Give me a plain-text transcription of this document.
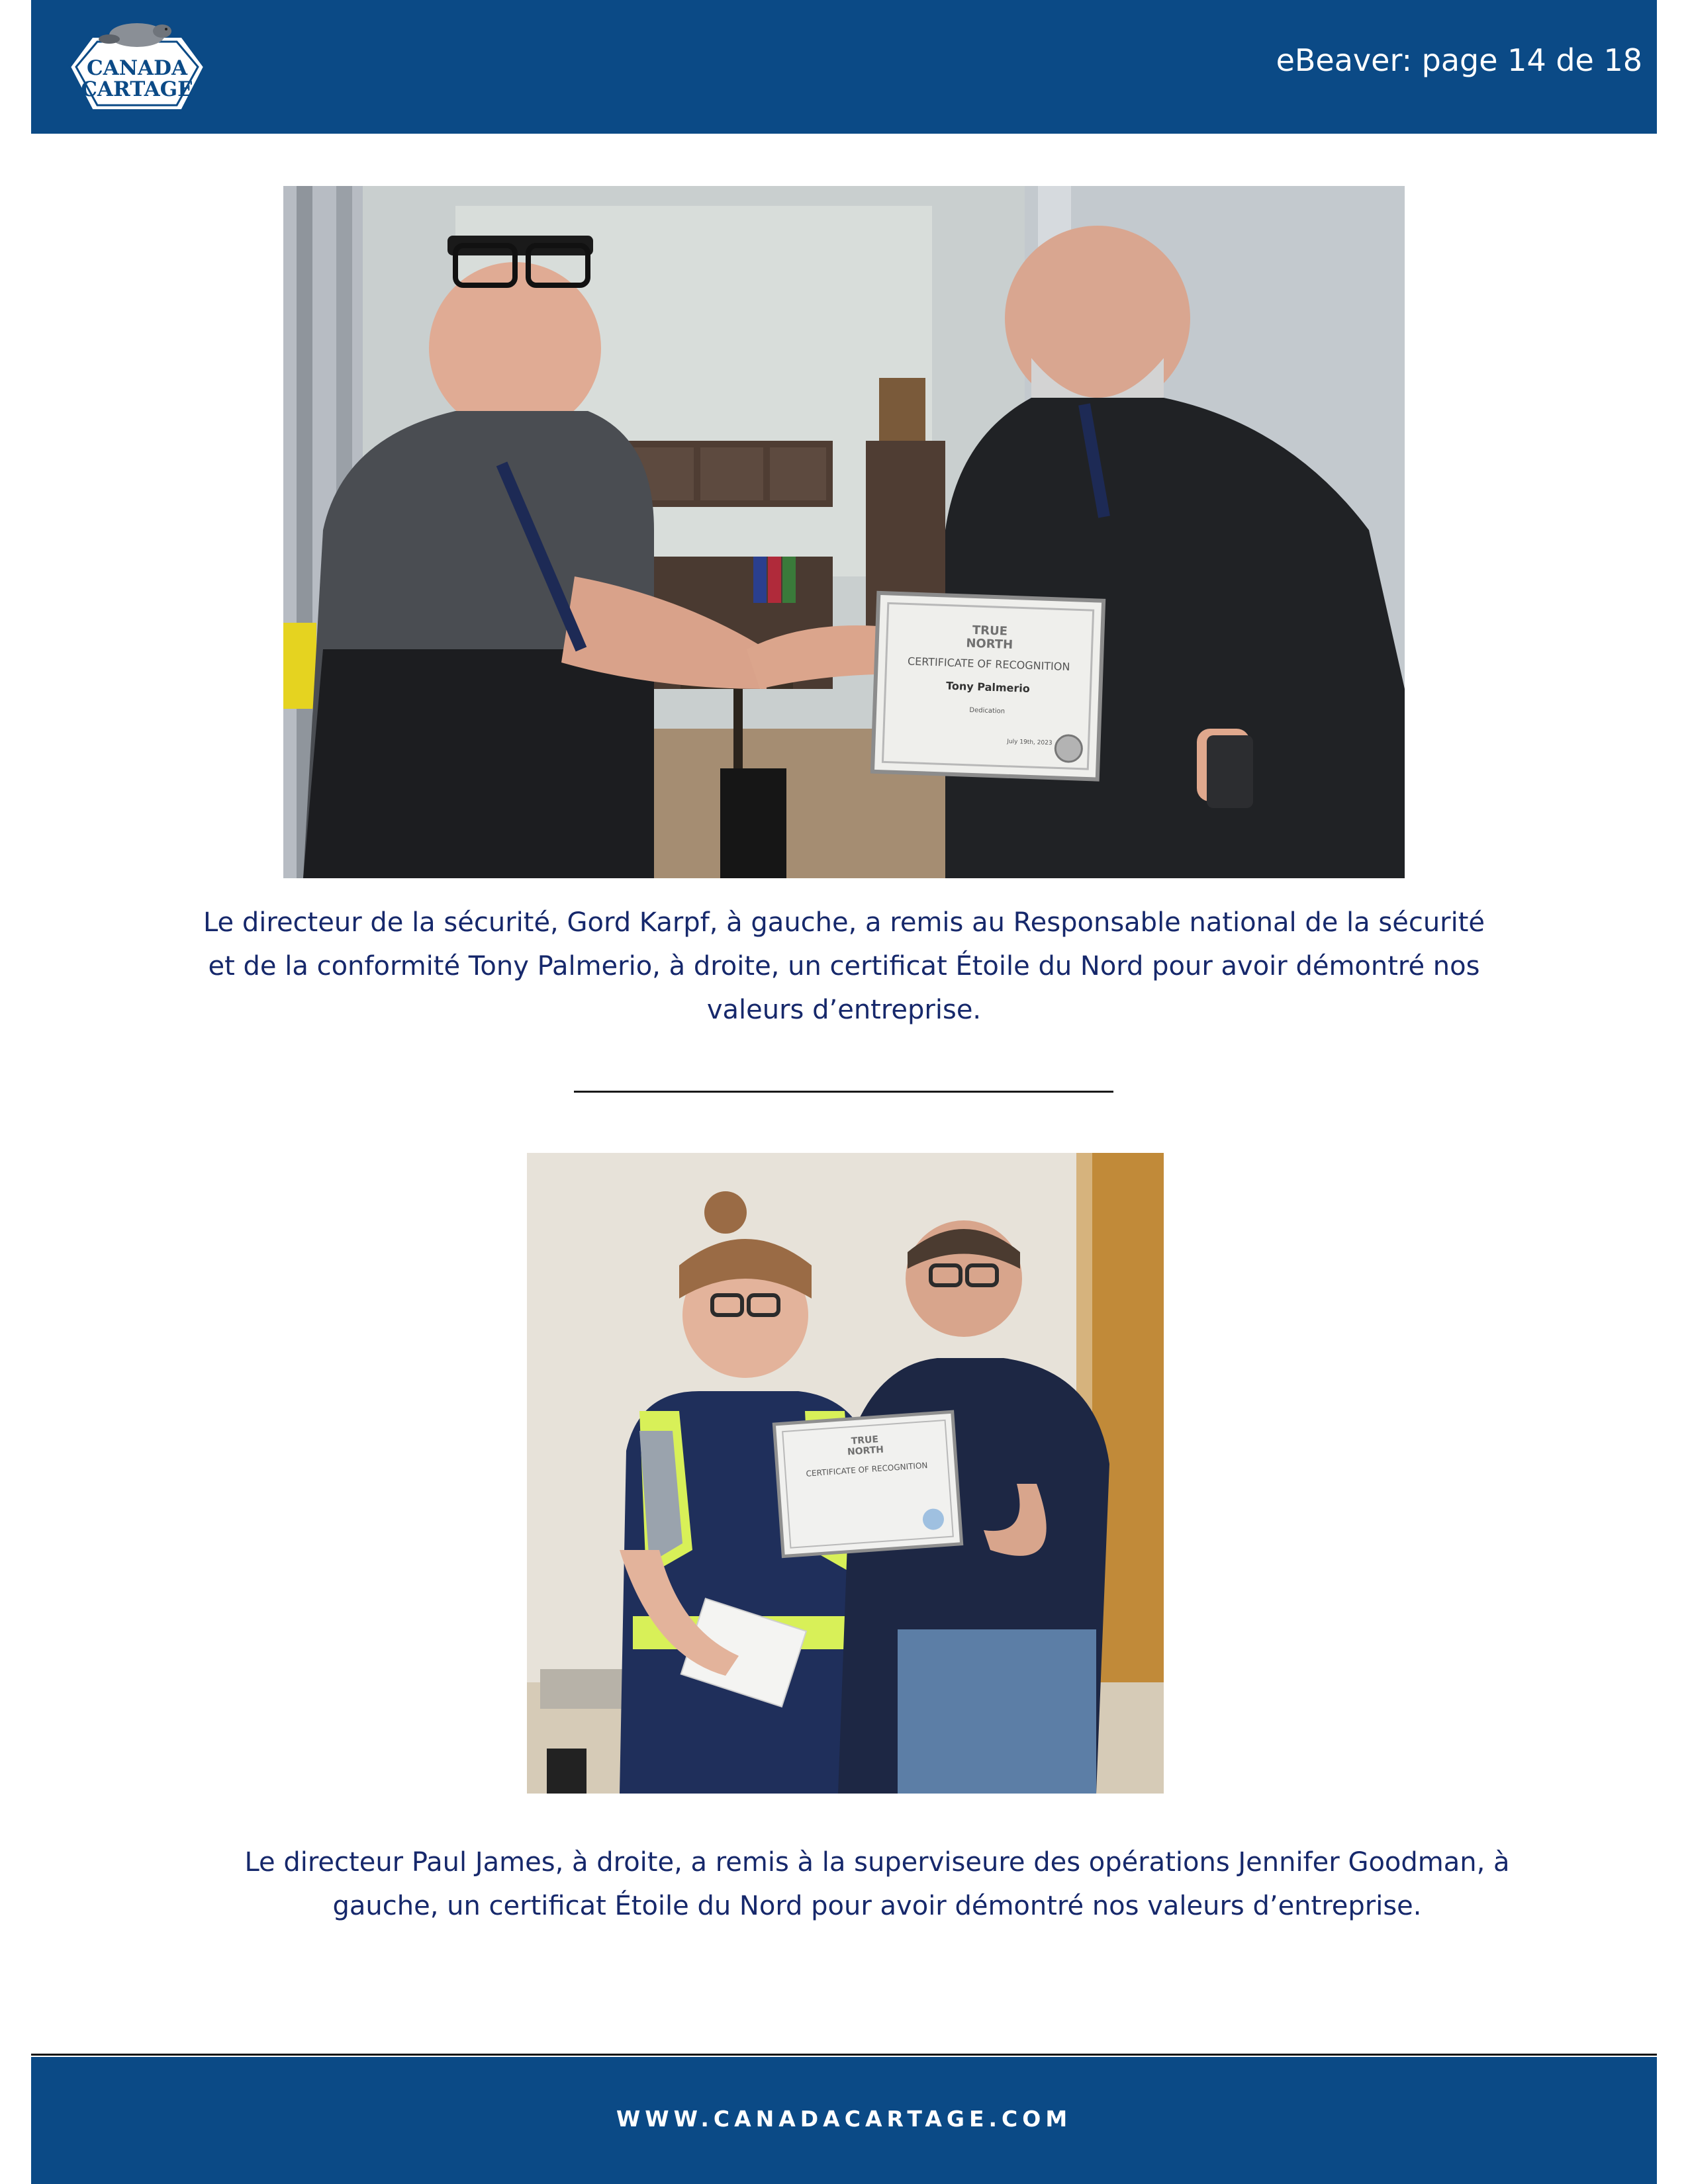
CANADA
CARTAGE
eBeaver: page 14 de 18
TRUE
NORTH
CERTIFICATE OF RECOGNITION
Tony Palmerio
Dedication
July 19th, 2023
Le directeur de la sécurité, Gord Karpf, à gauche, a remis au Responsable national de la sécurité et de la conformité Tony Palmerio, à droite, un certificat Étoile du Nord pour avoir démontré nos valeurs d’entreprise.
TRUE
NORTH
CERTIFICATE OF RECOGNITION
Le directeur Paul James, à droite, a remis à la superviseure des opérations Jennifer Goodman, à gauche, un certificat Étoile du Nord pour avoir démontré nos valeurs d’entreprise.
WWW.CANADACARTAGE.COM
